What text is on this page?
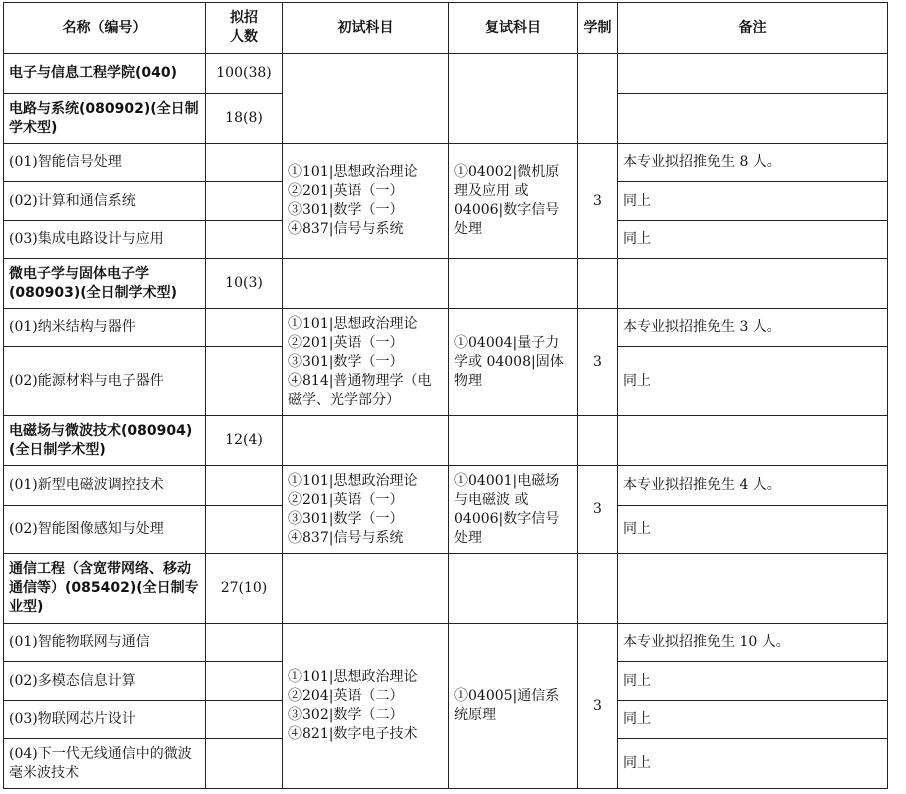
名称（编号）	拟招
人数	初试科目	复试科目	学制	备注
电子与信息工程学院(040)	100(38)				
电路与系统(080902)(全日制学术型)	18(8)				
(01)智能信号处理		①101|思想政治理论
②201|英语（一）
③301|数学（一）
④837|信号与系统	①04002|微机原理及应用 或 04006|数字信号处理	3	本专业拟招推免生 8 人。
(02)计算和通信系统					同上
(03)集成电路设计与应用					同上
微电子学与固体电子学(080903)(全日制学术型)	10(3)				
(01)纳米结构与器件		①101|思想政治理论
②201|英语（一）
③301|数学（一）
④814|普通物理学（电磁学、光学部分）	①04004|量子力学或 04008|固体物理	3	本专业拟招推免生 3 人。
(02)能源材料与电子器件					同上
电磁场与微波技术(080904)(全日制学术型)	12(4)				
(01)新型电磁波调控技术		①101|思想政治理论
②201|英语（一）
③301|数学（一）
④837|信号与系统	①04001|电磁场与电磁波 或 04006|数字信号处理	3	本专业拟招推免生 4 人。
(02)智能图像感知与处理					同上
通信工程（含宽带网络、移动通信等）(085402)(全日制专业型)	27(10)				
(01)智能物联网与通信		①101|思想政治理论
②204|英语（二）
③302|数学（二）
④821|数字电子技术	①04005|通信系统原理	3	本专业拟招推免生 10 人。
(02)多模态信息计算					同上
(03)物联网芯片设计					同上
(04)下一代无线通信中的微波毫米波技术					同上
